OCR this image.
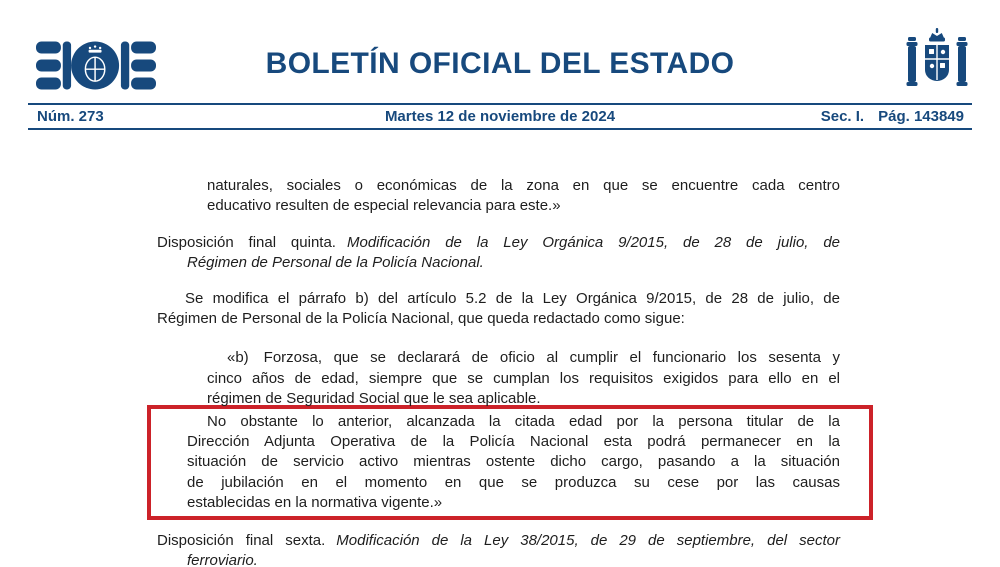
BOLETÍN OFICIAL DEL ESTADO
Núm. 273	Martes 12 de noviembre de 2024	Sec. I. Pág. 143849
naturales, sociales o económicas de la zona en que se encuentre cada centro
educativo resulten de especial relevancia para este.»
Disposición final quinta. Modificación de la Ley Orgánica 9/2015, de 28 de julio, de
Régimen de Personal de la Policía Nacional.
Se modifica el párrafo b) del artículo 5.2 de la Ley Orgánica 9/2015, de 28 de julio, de
Régimen de Personal de la Policía Nacional, que queda redactado como sigue:
«b) Forzosa, que se declarará de oficio al cumplir el funcionario los sesenta y
cinco años de edad, siempre que se cumplan los requisitos exigidos para ello en el
régimen de Seguridad Social que le sea aplicable.
No obstante lo anterior, alcanzada la citada edad por la persona titular de la
Dirección Adjunta Operativa de la Policía Nacional esta podrá permanecer en la
situación de servicio activo mientras ostente dicho cargo, pasando a la situación
de jubilación en el momento en que se produzca su cese por las causas
establecidas en la normativa vigente.»
Disposición final sexta. Modificación de la Ley 38/2015, de 29 de septiembre, del sector
ferroviario.
